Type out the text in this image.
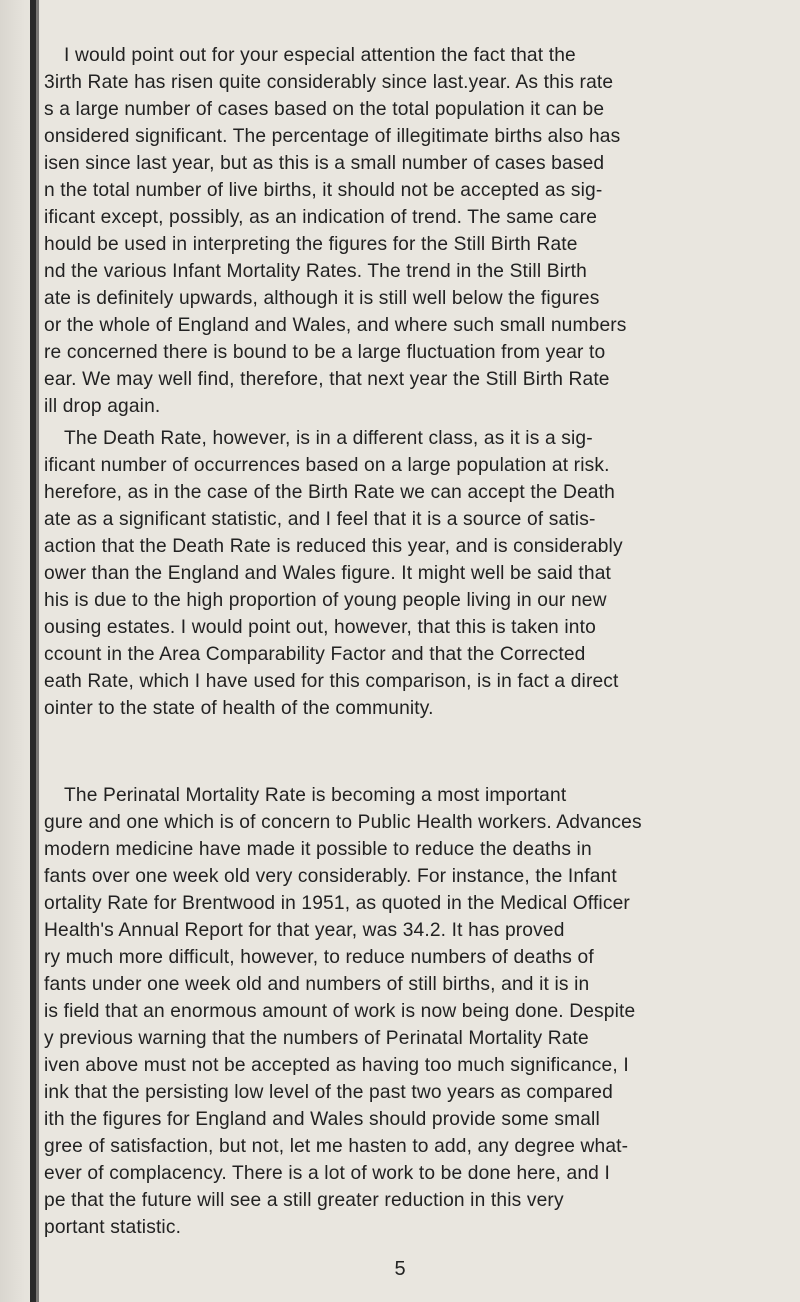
I would point out for your especial attention the fact that the
3irth Rate has risen quite considerably since last.year. As this rate
s a large number of cases based on the total population it can be
onsidered significant. The percentage of illegitimate births also has
isen since last year, but as this is a small number of cases based
n the total number of live births, it should not be accepted as sig-
ificant except, possibly, as an indication of trend. The same care
hould be used in interpreting the figures for the Still Birth Rate
nd the various Infant Mortality Rates. The trend in the Still Birth
ate is definitely upwards, although it is still well below the figures
or the whole of England and Wales, and where such small numbers
re concerned there is bound to be a large fluctuation from year to
ear. We may well find, therefore, that next year the Still Birth Rate
ill drop again.
The Death Rate, however, is in a different class, as it is a sig-
ificant number of occurrences based on a large population at risk.
herefore, as in the case of the Birth Rate we can accept the Death
ate as a significant statistic, and I feel that it is a source of satis-
action that the Death Rate is reduced this year, and is considerably
ower than the England and Wales figure. It might well be said that
his is due to the high proportion of young people living in our new
ousing estates. I would point out, however, that this is taken into
ccount in the Area Comparability Factor and that the Corrected
eath Rate, which I have used for this comparison, is in fact a direct
ointer to the state of health of the community.
The Perinatal Mortality Rate is becoming a most important
gure and one which is of concern to Public Health workers. Advances
modern medicine have made it possible to reduce the deaths in
fants over one week old very considerably. For instance, the Infant
ortality Rate for Brentwood in 1951, as quoted in the Medical Officer
Health's Annual Report for that year, was 34.2. It has proved
ry much more difficult, however, to reduce numbers of deaths of
fants under one week old and numbers of still births, and it is in
is field that an enormous amount of work is now being done. Despite
y previous warning that the numbers of Perinatal Mortality Rate
iven above must not be accepted as having too much significance, I
ink that the persisting low level of the past two years as compared
ith the figures for England and Wales should provide some small
gree of satisfaction, but not, let me hasten to add, any degree what-
ever of complacency. There is a lot of work to be done here, and I
pe that the future will see a still greater reduction in this very
portant statistic.
5
